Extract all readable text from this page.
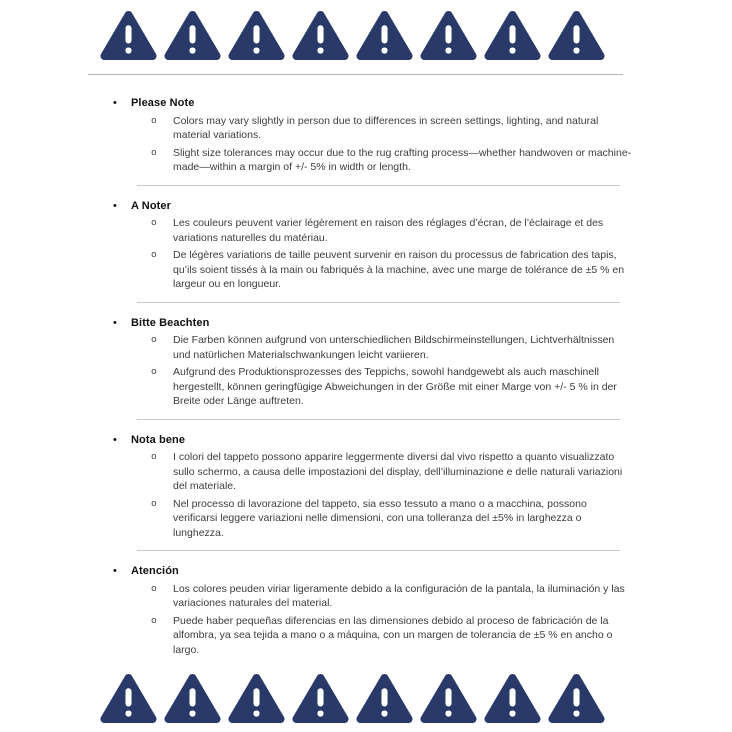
•	Please Note
o	Colors may vary slightly in person due to differences in screen settings, lighting, and natural material variations.
o	Slight size tolerances may occur due to the rug crafting process—whether handwoven or machine-made—within a margin of +/- 5% in width or length.
•	A Noter
o	Les couleurs peuvent varier légèrement en raison des réglages d’écran, de l’éclairage et des variations naturelles du matériau.
o	De légères variations de taille peuvent survenir en raison du processus de fabrication des tapis, qu’ils soient tissés à la main ou fabriqués à la machine, avec une marge de tolérance de ±5 % en largeur ou en longueur.
•	Bitte Beachten
o	Die Farben können aufgrund von unterschiedlichen Bildschirmeinstellungen, Lichtverhältnissen und natürlichen Materialschwankungen leicht variieren.
o	Aufgrund des Produktionsprozesses des Teppichs, sowohl handgewebt als auch maschinell hergestellt, können geringfügige Abweichungen in der Größe mit einer Marge von +/- 5 % in der Breite oder Länge auftreten.
•	Nota bene
o	I colori del tappeto possono apparire leggermente diversi dal vivo rispetto a quanto visualizzato sullo schermo, a causa delle impostazioni del display, dell’illuminazione e delle naturali variazioni del materiale.
o	Nel processo di lavorazione del tappeto, sia esso tessuto a mano o a macchina, possono verificarsi leggere variazioni nelle dimensioni, con una tolleranza del ±5% in larghezza o lunghezza.
•	Atención
o	Los colores peuden viriar ligeramente debido a la configuración de la pantala, la iluminación y las variaciones naturales del material.
o	Puede haber pequeñas diferencias en las dimensiones debido al proceso de fabricación de la alfombra, ya sea tejida a mano o a máquina, con un margen de tolerancia de ±5 % en ancho o largo.
